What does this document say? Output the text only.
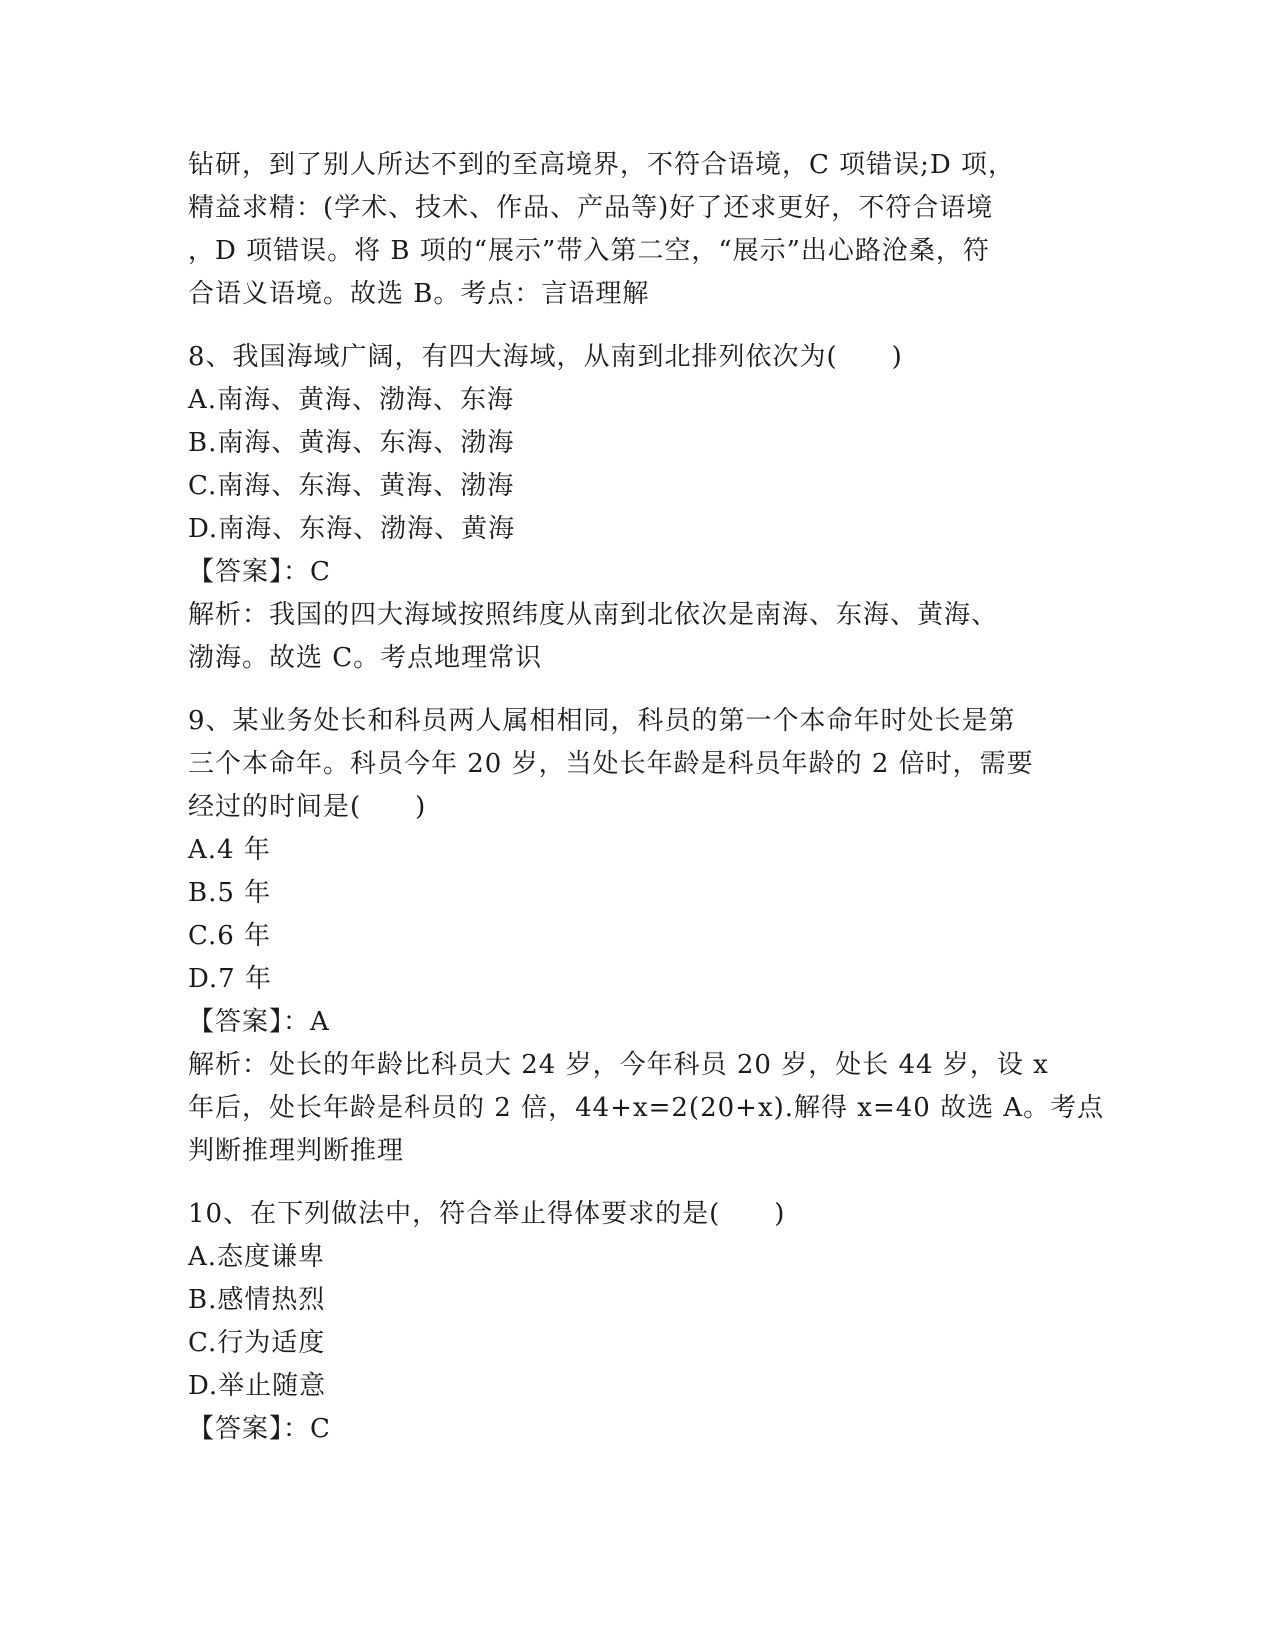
钻研，到了别人所达不到的至高境界，不符合语境，C 项错误;D 项，
精益求精：(学术、技术、作品、产品等)好了还求更好，不符合语境
，D 项错误。将 B 项的“展示”带入第二空，“展示”出心路沧桑，符
合语义语境。故选 B。考点：言语理解
8、我国海域广阔，有四大海域，从南到北排列依次为(　　)
A.南海、黄海、渤海、东海
B.南海、黄海、东海、渤海
C.南海、东海、黄海、渤海
D.南海、东海、渤海、黄海
【答案】：C
解析：我国的四大海域按照纬度从南到北依次是南海、东海、黄海、
渤海。故选 C。考点地理常识
9、某业务处长和科员两人属相相同，科员的第一个本命年时处长是第
三个本命年。科员今年 20 岁，当处长年龄是科员年龄的 2 倍时，需要
经过的时间是(　　)
A.4 年
B.5 年
C.6 年
D.7 年
【答案】：A
解析：处长的年龄比科员大 24 岁，今年科员 20 岁，处长 44 岁，设 x
年后，处长年龄是科员的 2 倍，44+x=2(20+x).解得 x=40 故选 A。考点
判断推理判断推理
10、在下列做法中，符合举止得体要求的是(　　)
A.态度谦卑
B.感情热烈
C.行为适度
D.举止随意
【答案】：C
